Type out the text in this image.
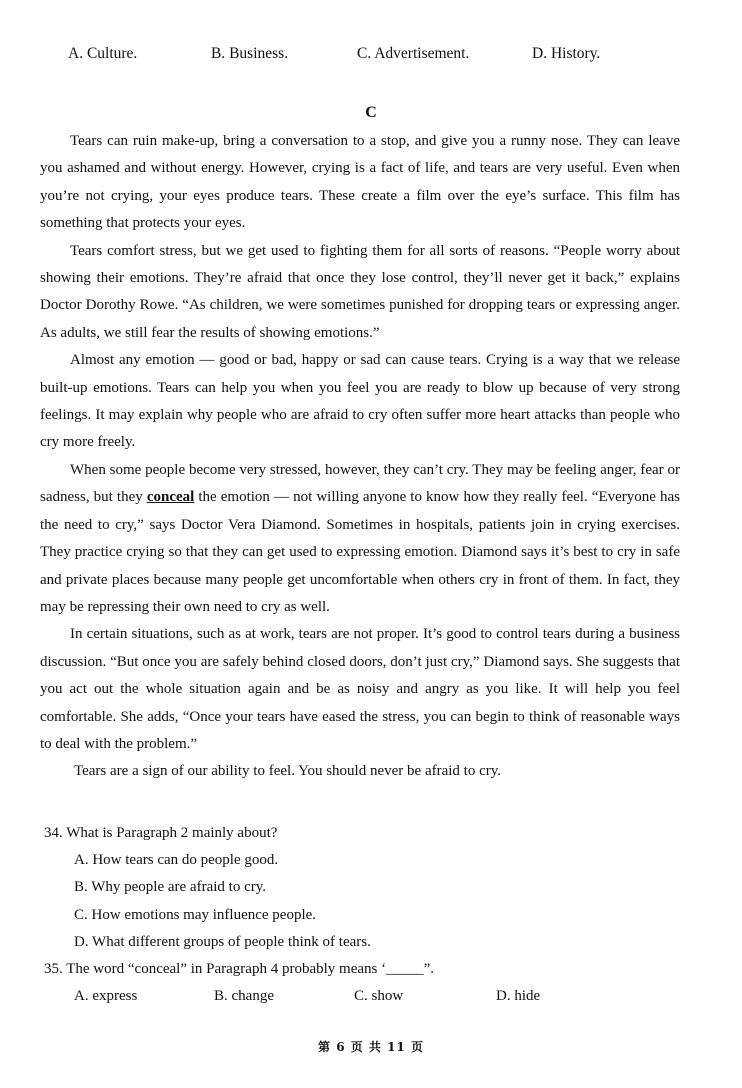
A. Culture.	B. Business.	C. Advertisement.	D. History.
C

Tears can ruin make-up, bring a conversation to a stop, and give you a runny nose. They can leave you ashamed and without energy. However, crying is a fact of life, and tears are very useful. Even when you’re not crying, your eyes produce tears. These create a film over the eye’s surface. This film has something that protects your eyes.

Tears comfort stress, but we get used to fighting them for all sorts of reasons. “People worry about showing their emotions. They’re afraid that once they lose control, they’ll never get it back,” explains Doctor Dorothy Rowe. “As children, we were sometimes punished for dropping tears or expressing anger. As adults, we still fear the results of showing emotions.”

Almost any emotion — good or bad, happy or sad can cause tears. Crying is a way that we release built-up emotions. Tears can help you when you feel you are ready to blow up because of very strong feelings. It may explain why people who are afraid to cry often suffer more heart attacks than people who cry more freely.

When some people become very stressed, however, they can’t cry. They may be feeling anger, fear or sadness, but they conceal the emotion — not willing anyone to know how they really feel. “Everyone has the need to cry,” says Doctor Vera Diamond. Sometimes in hospitals, patients join in crying exercises. They practice crying so that they can get used to expressing emotion. Diamond says it’s best to cry in safe and private places because many people get uncomfortable when others cry in front of them. In fact, they may be repressing their own need to cry as well.

In certain situations, such as at work, tears are not proper. It’s good to control tears during a business discussion. “But once you are safely behind closed doors, don’t just cry,” Diamond says. She suggests that you act out the whole situation again and be as noisy and angry as you like. It will help you feel comfortable. She adds, “Once your tears have eased the stress, you can begin to think of reasonable ways to deal with the problem.”

Tears are a sign of our ability to feel. You should never be afraid to cry.

34. What is Paragraph 2 mainly about?

A. How tears can do people good.

B. Why people are afraid to cry.

C. How emotions may influence people.

D. What different groups of people think of tears.

35. The word “conceal” in Paragraph 4 probably means ‘_____”.

A. express	B. change	C. show	D. hide
第 6 页 共 11 页
